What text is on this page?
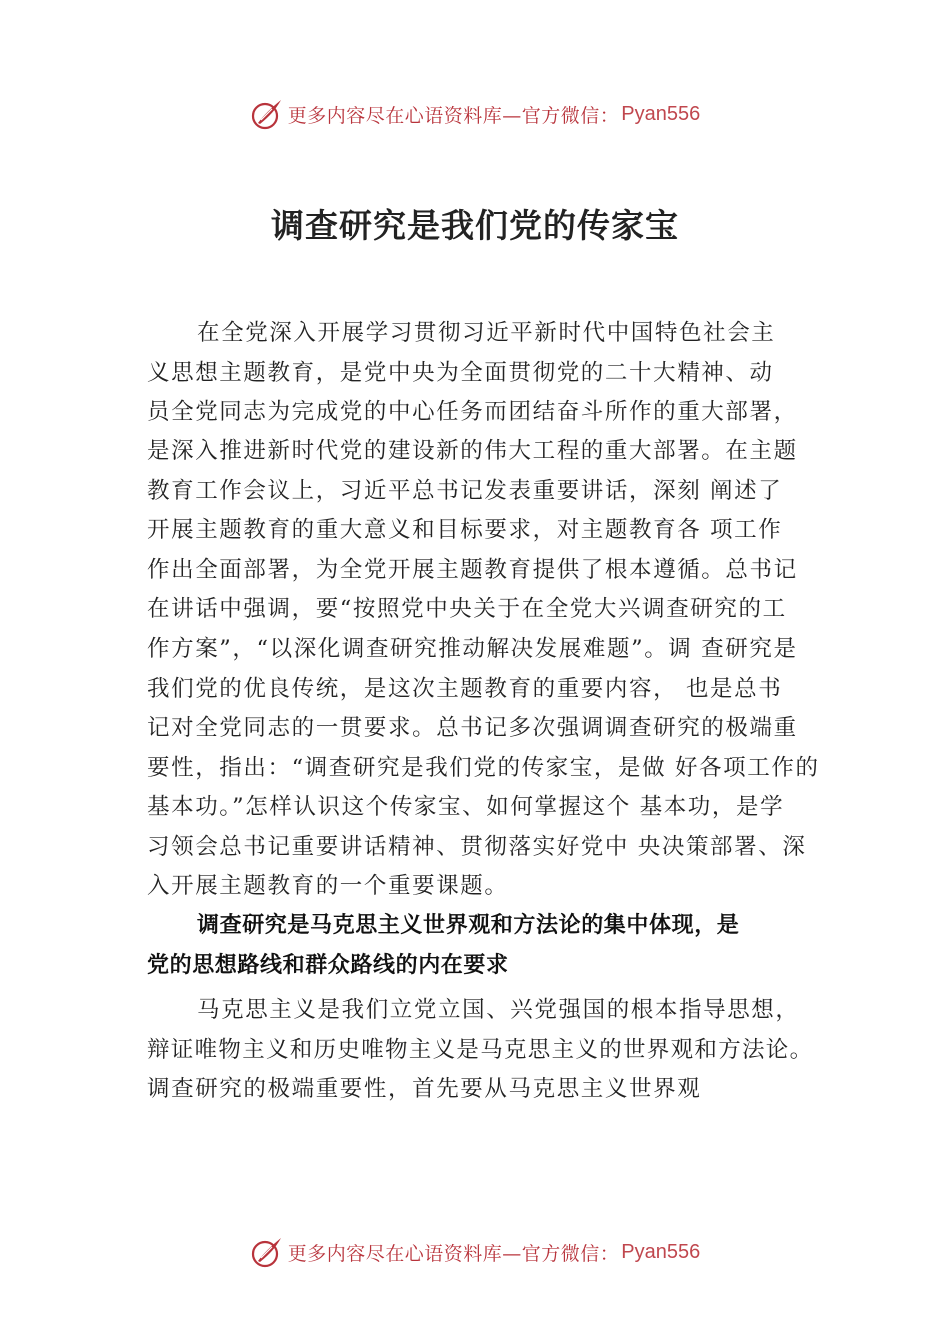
更多内容尽在心语资料库—官方微信： Pyan556
调查研究是我们党的传家宝
在全党深入开展学习贯彻习近平新时代中国特色社会主
义思想主题教育，是党中央为全面贯彻党的二十大精神、动
员全党同志为完成党的中心任务而团结奋斗所作的重大部署，
是深入推进新时代党的建设新的伟大工程的重大部署。在主题
教育工作会议上，习近平总书记发表重要讲话，深刻 阐述了
开展主题教育的重大意义和目标要求，对主题教育各 项工作
作出全面部署，为全党开展主题教育提供了根本遵循。总书记
在讲话中强调，要“按照党中央关于在全党大兴调查研究的工
作方案”，“以深化调查研究推动解决发展难题”。调 查研究是
我们党的优良传统，是这次主题教育的重要内容， 也是总书
记对全党同志的一贯要求。总书记多次强调调查研究的极端重
要性，指出：“调查研究是我们党的传家宝，是做 好各项工作的
基本功。”怎样认识这个传家宝、如何掌握这个 基本功，是学
习领会总书记重要讲话精神、贯彻落实好党中 央决策部署、深
入开展主题教育的一个重要课题。
调查研究是马克思主义世界观和方法论的集中体现，是
党的思想路线和群众路线的内在要求
马克思主义是我们立党立国、兴党强国的根本指导思想，
辩证唯物主义和历史唯物主义是马克思主义的世界观和方法论。
调查研究的极端重要性，首先要从马克思主义世界观
更多内容尽在心语资料库—官方微信： Pyan556
